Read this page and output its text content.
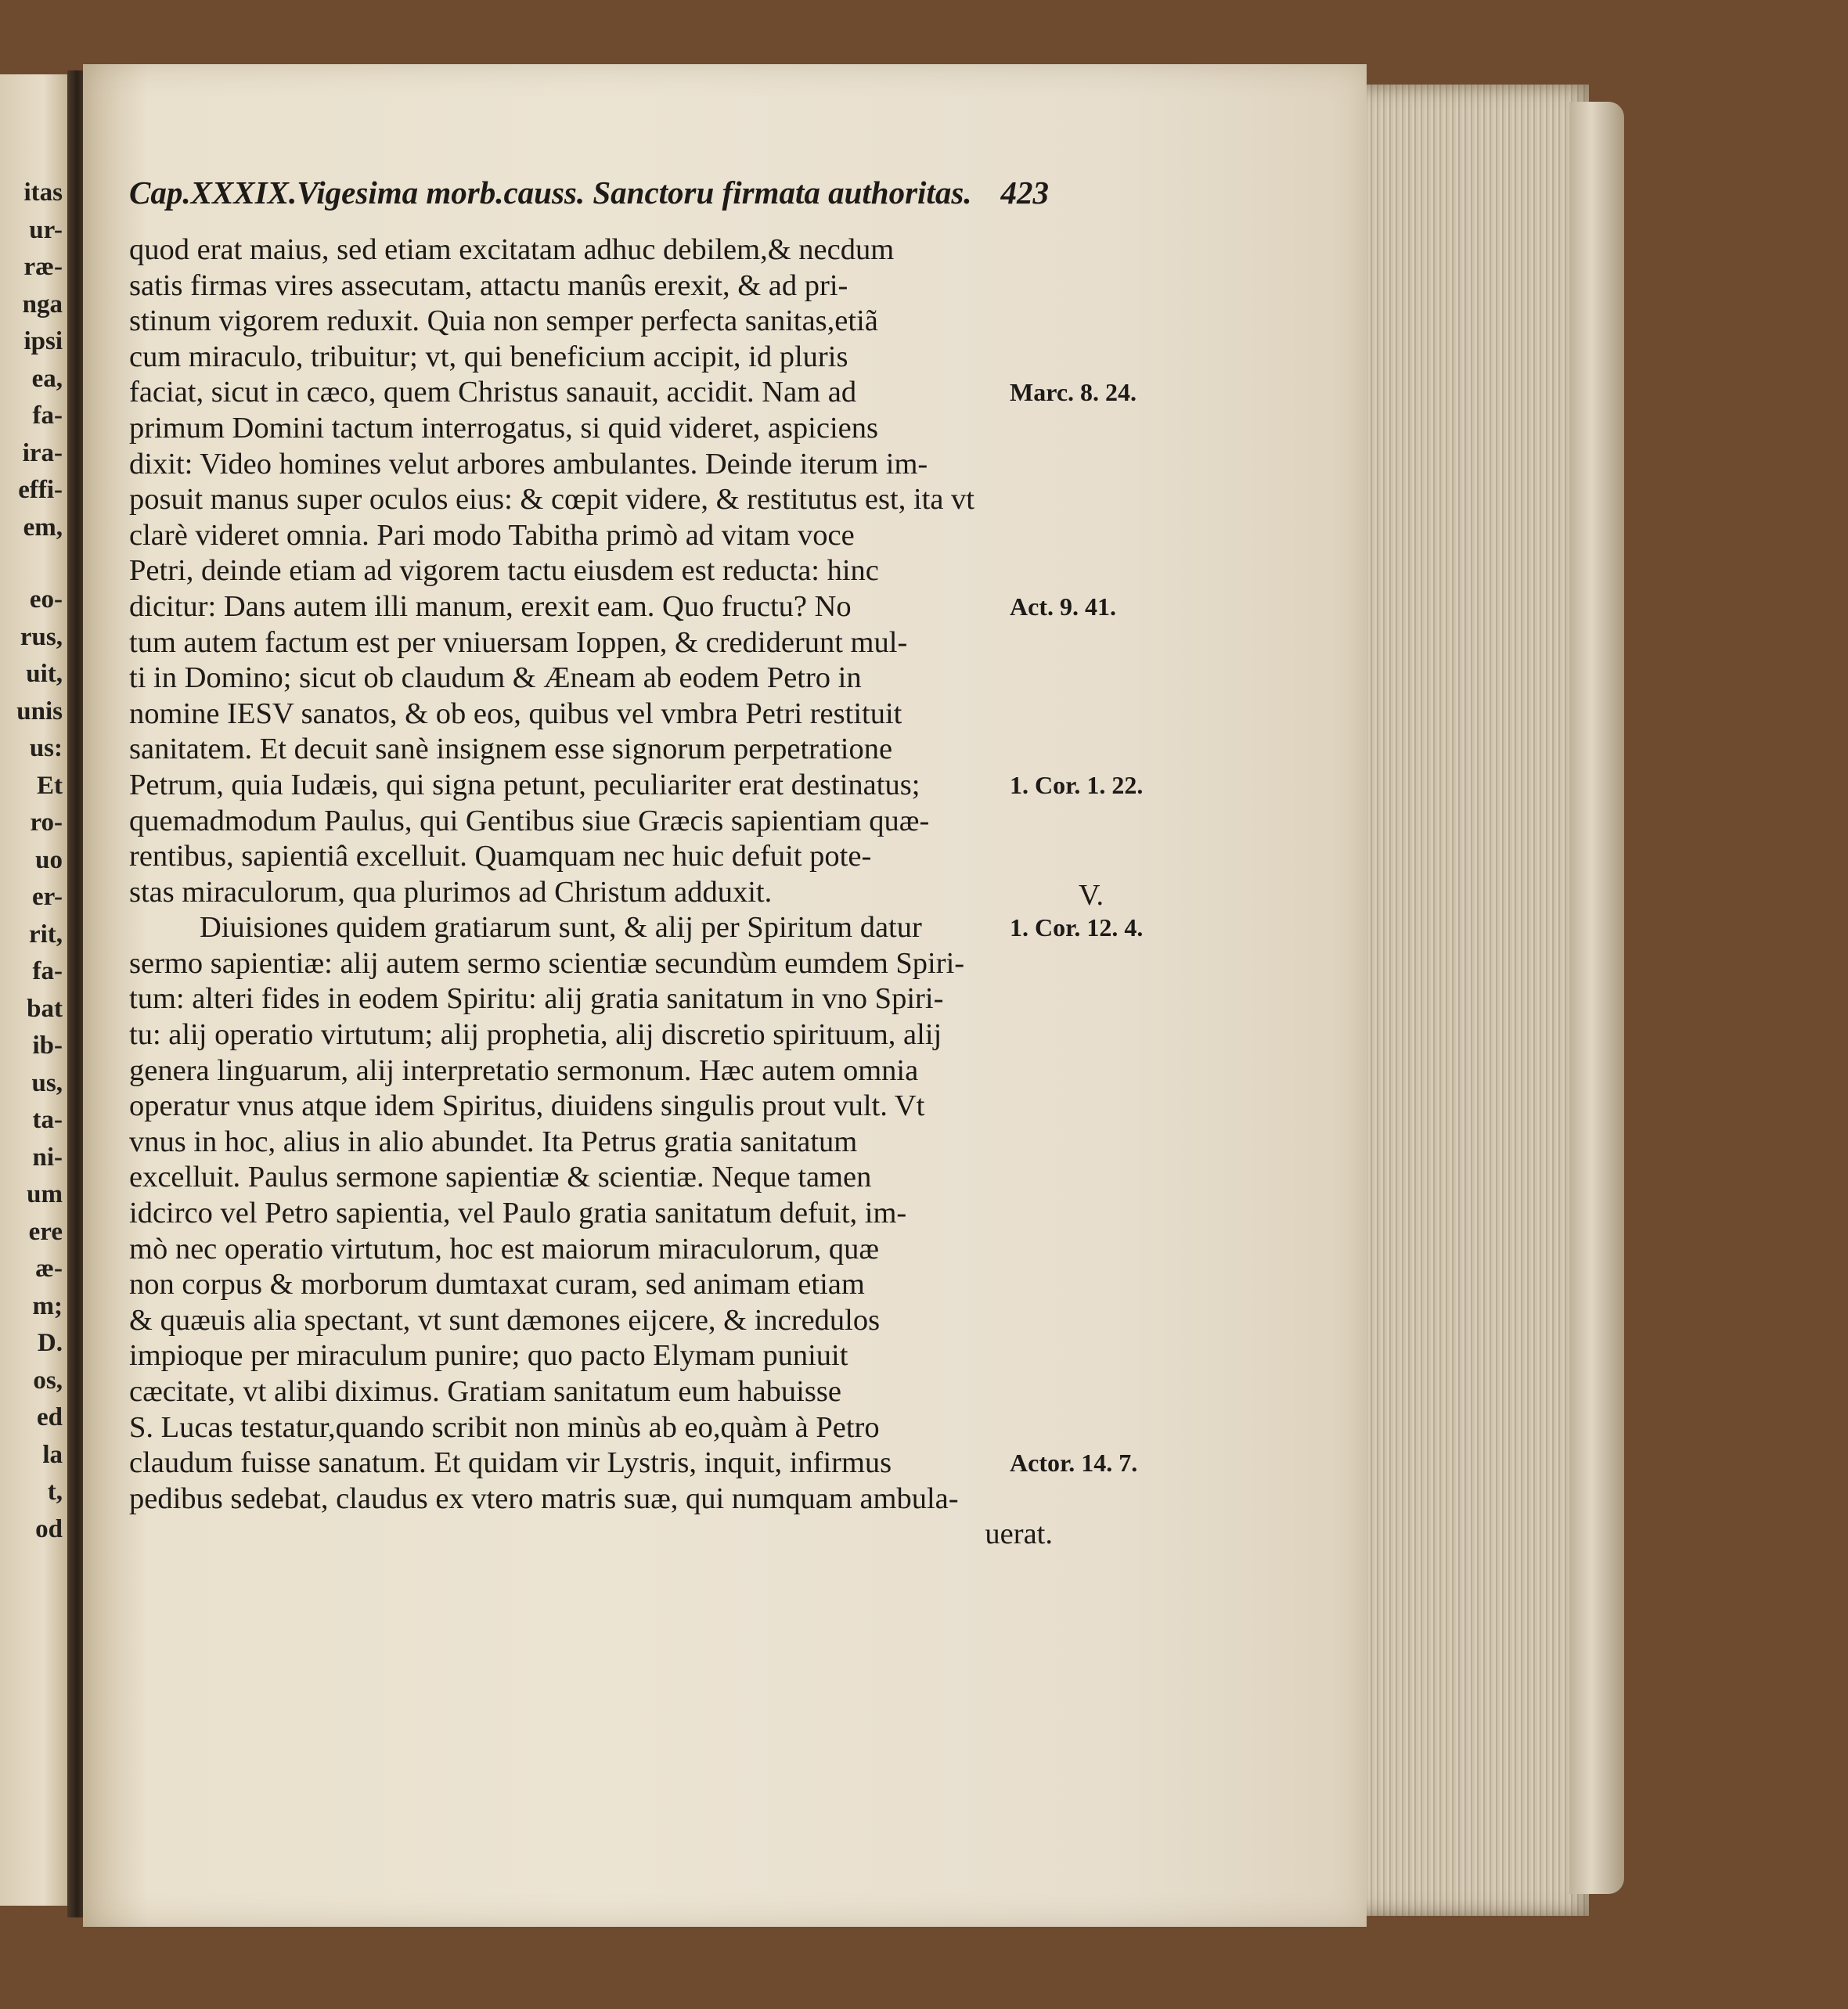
Cap.XXXIX.Vigesima morb.causs. Sanctoru firmata authoritas. 423
quod erat maius, sed etiam excitatam adhuc debilem,& necdum
satis firmas vires assecutam, attactu manûs erexit, & ad pri-
stinum vigorem reduxit. Quia non semper perfecta sanitas,etiã
cum miraculo, tribuitur; vt, qui beneficium accipit, id pluris
faciat, sicut in cæco, quem Christus sanauit, accidit. Nam ad
primum Domini tactum interrogatus, si quid videret, aspiciens
dixit: Video homines velut arbores ambulantes. Deinde iterum im-
posuit manus super oculos eius: & cœpit videre, & restitutus est, ita vt
clarè videret omnia. Pari modo Tabitha primò ad vitam voce
Petri, deinde etiam ad vigorem tactu eiusdem est reducta: hinc
dicitur: Dans autem illi manum, erexit eam. Quo fructu? No
tum autem factum est per vniuersam Ioppen, & crediderunt mul-
ti in Domino; sicut ob claudum & Æneam ab eodem Petro in
nomine IESV sanatos, & ob eos, quibus vel vmbra Petri restituit
sanitatem. Et decuit sanè insignem esse signorum perpetratione
Petrum, quia Iudæis, qui signa petunt, peculiariter erat destinatus;
quemadmodum Paulus, qui Gentibus siue Græcis sapientiam quæ-
rentibus, sapientiâ excelluit. Quamquam nec huic defuit pote-
stas miraculorum, qua plurimos ad Christum adduxit.
Diuisiones quidem gratiarum sunt, & alij per Spiritum datur
sermo sapientiæ: alij autem sermo scientiæ secundùm eumdem Spiri-
tum: alteri fides in eodem Spiritu: alij gratia sanitatum in vno Spiri-
tu: alij operatio virtutum; alij prophetia, alij discretio spirituum, alij
genera linguarum, alij interpretatio sermonum. Hæc autem omnia
operatur vnus atque idem Spiritus, diuidens singulis prout vult. Vt
vnus in hoc, alius in alio abundet. Ita Petrus gratia sanitatum
excelluit. Paulus sermone sapientiæ & scientiæ. Neque tamen
idcirco vel Petro sapientia, vel Paulo gratia sanitatum defuit, im-
mò nec operatio virtutum, hoc est maiorum miraculorum, quæ
non corpus & morborum dumtaxat curam, sed animam etiam
& quæuis alia spectant, vt sunt dæmones eijcere, & incredulos
impioque per miraculum punire; quo pacto Elymam puniuit
cæcitate, vt alibi diximus. Gratiam sanitatum eum habuisse
S. Lucas testatur,quando scribit non minùs ab eo,quàm à Petro
claudum fuisse sanatum. Et quidam vir Lystris, inquit, infirmus
pedibus sedebat, claudus ex vtero matris suæ, qui numquam ambula-
uerat.
Marc. 8. 24.
Act. 9. 41.
1. Cor. 1. 22.
V.
1. Cor. 12. 4.
Actor. 14. 7.
itas
ur-
ræ-
nga
ipsi
ea,
fa-
ira-
effi-
em,
eo-
rus,
uit,
unis
us:
Et
ro-
uo
er-
rit,
fa-
bat
ib-
us,
ta-
ni-
um
ere
æ-
m;
D.
os,
ed
la
t,
od
